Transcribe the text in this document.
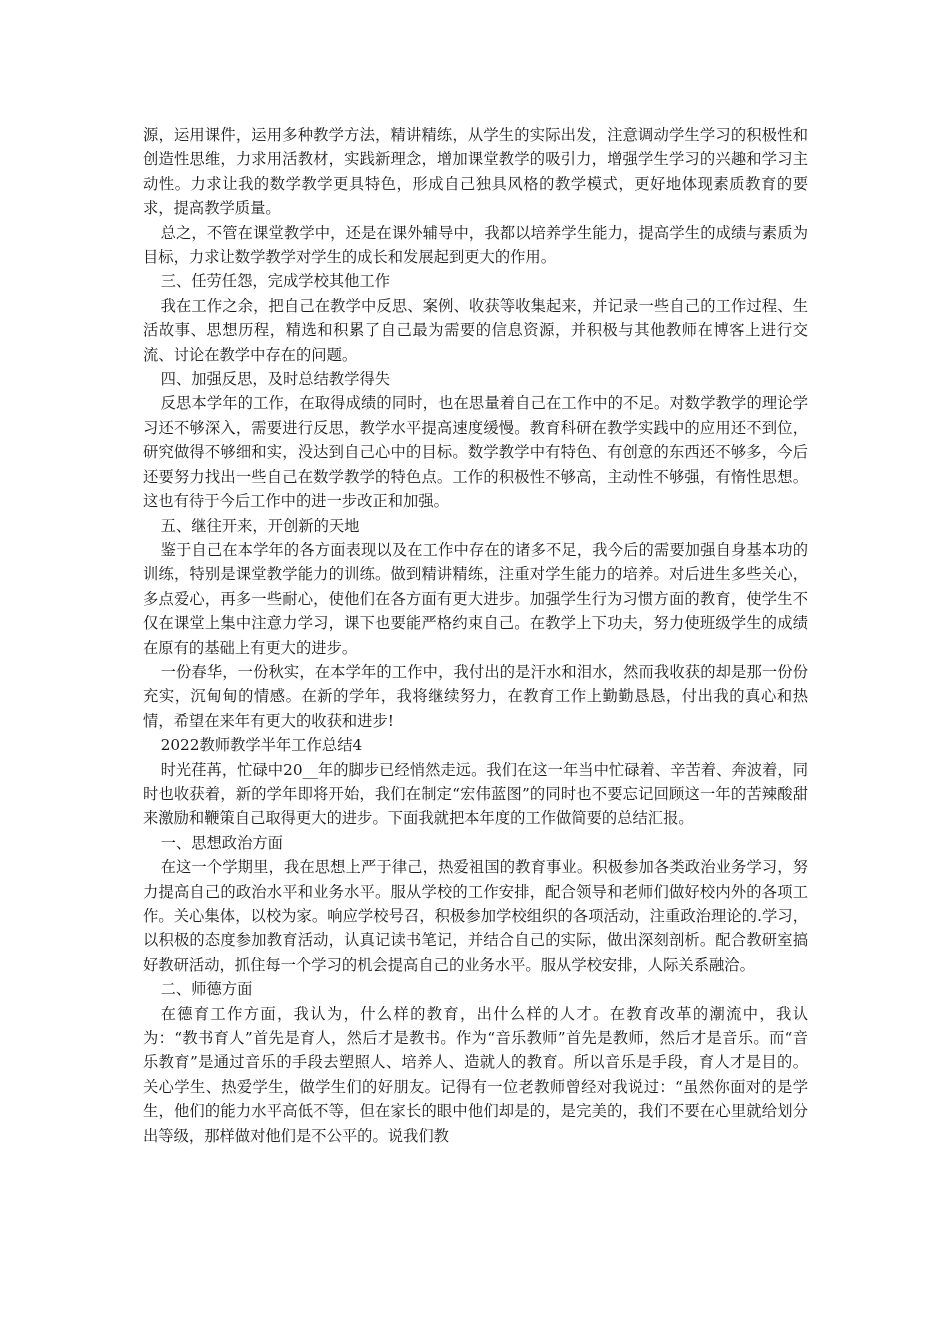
源，运用课件，运用多种教学方法，精讲精练，从学生的实际出发，注意调动学生学习的积极性和创造性思维，力求用活教材，实践新理念，增加课堂教学的吸引力，增强学生学习的兴趣和学习主动性。力求让我的数学教学更具特色，形成自己独具风格的教学模式，更好地体现素质教育的要求，提高教学质量。

总之，不管在课堂教学中，还是在课外辅导中，我都以培养学生能力，提高学生的成绩与素质为目标，力求让数学教学对学生的成长和发展起到更大的作用。

三、任劳任怨，完成学校其他工作

我在工作之余，把自己在教学中反思、案例、收获等收集起来，并记录一些自己的工作过程、生活故事、思想历程，精选和积累了自己最为需要的信息资源，并积极与其他教师在博客上进行交流、讨论在教学中存在的问题。

四、加强反思，及时总结教学得失

反思本学年的工作，在取得成绩的同时，也在思量着自己在工作中的不足。对数学教学的理论学习还不够深入，需要进行反思，教学水平提高速度缓慢。教育科研在教学实践中的应用还不到位，研究做得不够细和实，没达到自己心中的目标。数学教学中有特色、有创意的东西还不够多，今后还要努力找出一些自己在数学教学的特色点。工作的积极性不够高，主动性不够强，有惰性思想。这也有待于今后工作中的进一步改正和加强。

五、继往开来，开创新的天地

鉴于自己在本学年的各方面表现以及在工作中存在的诸多不足，我今后的需要加强自身基本功的训练，特别是课堂教学能力的训练。做到精讲精练，注重对学生能力的培养。对后进生多些关心，多点爱心，再多一些耐心，使他们在各方面有更大进步。加强学生行为习惯方面的教育，使学生不仅在课堂上集中注意力学习，课下也要能严格约束自己。在教学上下功夫，努力使班级学生的成绩在原有的基础上有更大的进步。

一份春华，一份秋实，在本学年的工作中，我付出的是汗水和泪水，然而我收获的却是那一份份充实，沉甸甸的情感。在新的学年，我将继续努力，在教育工作上勤勤恳恳，付出我的真心和热情，希望在来年有更大的收获和进步!

2022教师教学半年工作总结4

时光荏苒，忙碌中20__年的脚步已经悄然走远。我们在这一年当中忙碌着、辛苦着、奔波着，同时也收获着，新的学年即将开始，我们在制定“宏伟蓝图”的同时也不要忘记回顾这一年的苦辣酸甜来激励和鞭策自己取得更大的进步。下面我就把本年度的工作做简要的总结汇报。

一、思想政治方面

在这一个学期里，我在思想上严于律己，热爱祖国的教育事业。积极参加各类政治业务学习，努力提高自己的政治水平和业务水平。服从学校的工作安排，配合领导和老师们做好校内外的各项工作。关心集体，以校为家。响应学校号召，积极参加学校组织的各项活动，注重政治理论的.学习，以积极的态度参加教育活动，认真记读书笔记，并结合自己的实际，做出深刻剖析。配合教研室搞好教研活动，抓住每一个学习的机会提高自己的业务水平。服从学校安排，人际关系融洽。

二、师德方面

在德育工作方面，我认为，什么样的教育，出什么样的人才。在教育改革的潮流中，我认为：“教书育人”首先是育人，然后才是教书。作为“音乐教师”首先是教师，然后才是音乐。而“音乐教育”是通过音乐的手段去塑照人、培养人、造就人的教育。所以音乐是手段，育人才是目的。关心学生、热爱学生，做学生们的好朋友。记得有一位老教师曾经对我说过：“虽然你面对的是学生，他们的能力水平高低不等，但在家长的眼中他们却是的，是完美的，我们不要在心里就给划分出等级，那样做对他们是不公平的。说我们教
